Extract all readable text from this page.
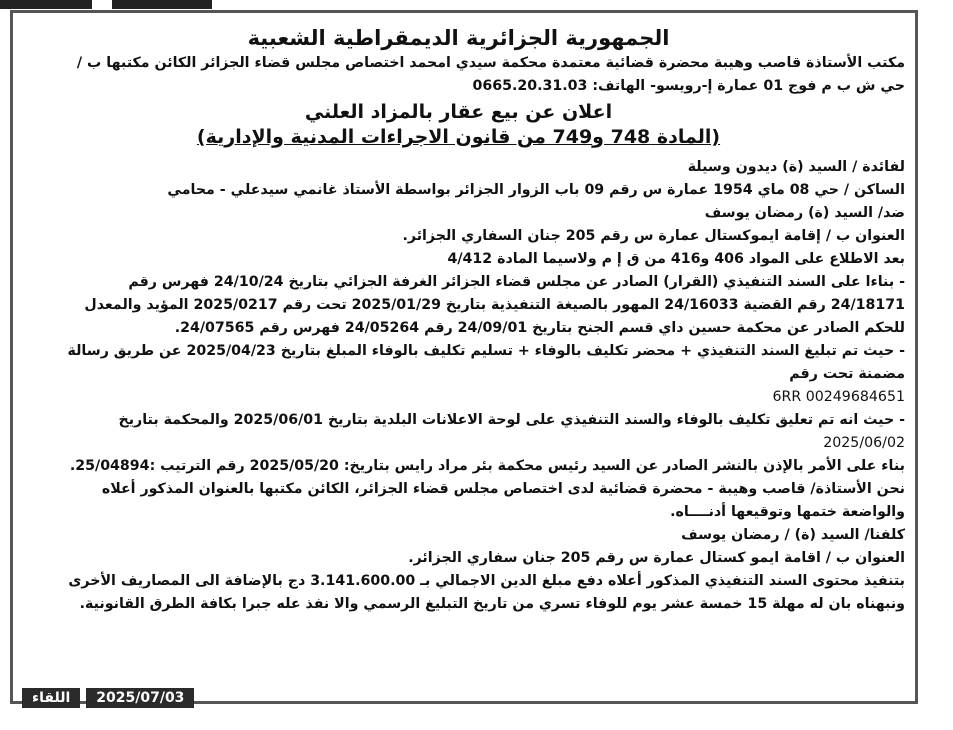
الجمهورية الجزائرية الديمقراطية الشعبية
مكتب الأستاذة قاصب وهيبة محضرة قضائية معتمدة محكمة سيدي امحمد اختصاص مجلس قضاء الجزائر الكائن مكتبها ب /
حي ش ب م فوج 01 عمارة إ-رويسو- الهاتف: 0665.20.31.03
اعلان عن بيع عقار بالمزاد العلني
(المادة 748 و749 من قانون الاجراءات المدنية والإدارية)
لفائدة / السيد (ة) ديدون وسيلة
الساكن / حي 08 ماي 1954 عمارة س رقم 09 باب الزوار الجزائر بواسطة الأستاذ غانمي سيدعلي - محامي
ضد/ السيد (ة) رمضان يوسف
العنوان ب / إقامة ايموكستال عمارة س رقم 205 جنان السفاري الجزائر.
بعد الاطلاع على المواد 406 و416 من ق إ م ولاسيما المادة 4/412
- بناءا على السند التنفيذي (القرار) الصادر عن مجلس قضاء الجزائر الغرفة الجزائي بتاريخ 24/10/24 فهرس رقم
24/18171 رقم القضية 24/16033 المهور بالصيغة التنفيذية بتاريخ 2025/01/29 تحت رقم 2025/0217 المؤيد والمعدل
للحكم الصادر عن محكمة حسين داي قسم الجنح بتاريخ 24/09/01 رقم 24/05264 فهرس رقم 24/07565.
- حيث تم تبليغ السند التنفيذي + محضر تكليف بالوفاء + تسليم تكليف بالوفاء المبلغ بتاريخ 2025/04/23 عن طريق رسالة
مضمنة تحت رقم
00249684651 6RR
- حيث انه تم تعليق تكليف بالوفاء والسند التنفيذي على لوحة الاعلانات البلدية بتاريخ 2025/06/01 والمحكمة بتاريخ
2025/06/02
بناء على الأمر بالإذن بالنشر الصادر عن السيد رئيس محكمة بئر مراد رايس بتاريخ: 2025/05/20 رقم الترتيب :25/04894.
نحن الأستاذة/ قاصب وهيبة - محضرة قضائية لدى اختصاص مجلس قضاء الجزائر، الكائن مكتبها بالعنوان المذكور أعلاه
والواضعة ختمها وتوقيعها أدنــــاه.
كلفنا/ السيد (ة) / رمضان يوسف
العنوان ب / اقامة ايمو كستال عمارة س رقم 205 جنان سفاري الجزائر.
بتنفيذ محتوى السند التنفيذي المذكور أعلاه دفع مبلغ الدين الاجمالي بـ 3.141.600.00 دج بالإضافة الى المصاريف الأخرى
ونبهناه بان له مهلة 15 خمسة عشر يوم للوفاء تسري من تاريخ التبليغ الرسمي والا نفذ عله جبرا بكافة الطرق القانونية.
اللقاء	2025/07/03
